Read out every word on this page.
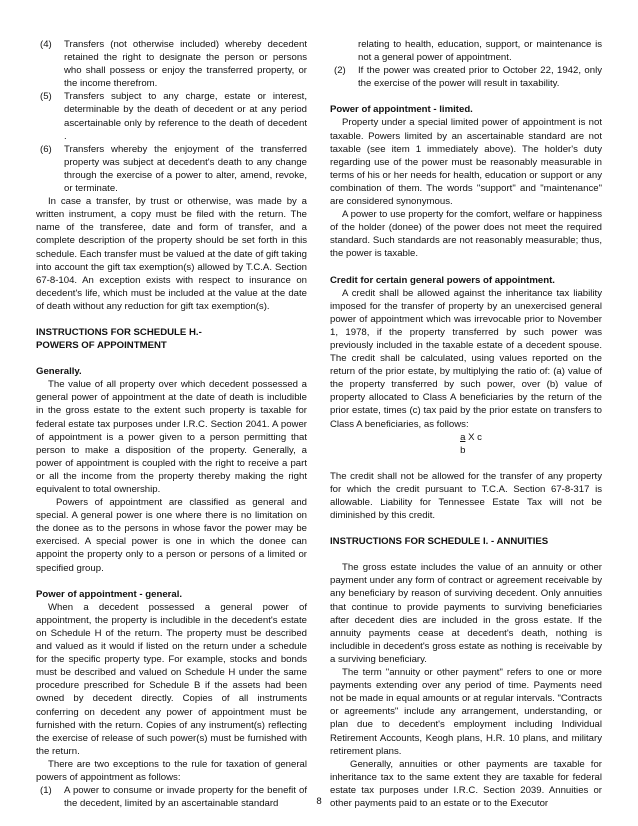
(4)	Transfers (not otherwise included) whereby decedent retained the right to designate the person or persons who shall possess or enjoy the transferred property, or the income therefrom.
(5)	Transfers subject to any charge, estate or interest, determinable by the death of decedent or at any period ascertainable only by reference to the death of decedent .
(6)	Transfers whereby the enjoyment of the transferred property was subject at decedent's death to any change through the exercise of a power to alter, amend, revoke, or terminate.

In case a transfer, by trust or otherwise, was made by a written instrument, a copy must be filed with the return. The name of the transferee, date and form of transfer, and a complete description of the property should be set forth in this schedule. Each transfer must be valued at the date of gift taking into account the gift tax exemption(s) allowed by T.C.A. Section 67-8-104. An exception exists with respect to insurance on decedent's life, which must be included at the value at the date of death without any reduction for gift tax exemption(s).

INSTRUCTIONS FOR SCHEDULE H.-

POWERS OF APPOINTMENT

Generally.

The value of all property over which decedent possessed a general power of appointment at the date of death is includible in the gross estate to the extent such property is taxable for federal estate tax purposes under I.R.C. Section 2041. A power of appointment is a power given to a person permitting that person to make a disposition of the property. Generally, a power of appointment is coupled with the right to receive a part or all the income from the property thereby making the right equivalent to total ownership.

Powers of appointment are classified as general and special. A general power is one where there is no limitation on the donee as to the persons in whose favor the power may be exercised. A special power is one in which the donee can appoint the property only to a person or persons of a limited or specified group.

Power of appointment - general.

When a decedent possessed a general power of appointment, the property is includible in the decedent's estate on Schedule H of the return. The property must be described and valued as it would if listed on the return under a schedule for the specific property type. For example, stocks and bonds must be described and valued on Schedule H under the same procedure prescribed for Schedule B if the assets had been owned by decedent directly. Copies of all instruments conferring on decedent any power of appointment must be furnished with the return. Copies of any instrument(s) reflecting the exercise of release of such power(s) must be furnished with the return.

There are two exceptions to the rule for taxation of general powers of appointment as follows:

(1)	A power to consume or invade property for the benefit of the decedent, limited by an ascertainable standard

relating to health, education, support, or maintenance is not a general power of appointment.

(2)	If the power was created prior to October 22, 1942, only the exercise of the power will result in taxability.

Power of appointment - limited.

Property under a special limited power of appointment is not taxable. Powers limited by an ascertainable standard are not taxable (see item 1 immediately above). The holder's duty regarding use of the power must be reasonably measurable in terms of his or her needs for health, education or support or any combination of them. The words "support" and "maintenance" are considered synonymous.

A power to use property for the comfort, welfare or happiness of the holder (donee) of the power does not meet the required standard. Such standards are not reasonably measurable; thus, the power is taxable.

Credit for certain general powers of appointment.

A credit shall be allowed against the inheritance tax liability imposed for the transfer of property by an unexercised general power of appointment which was irrevocable prior to November 1, 1978, if the property transferred by such power was previously included in the taxable estate of a decedent spouse. The credit shall be calculated, using values reported on the return of the prior estate, by multiplying the ratio of: (a) value of the property transferred by such power, over (b) value of property allocated to Class A beneficiaries by the return of the prior estate, times (c) tax paid by the prior estate on transfers to Class A beneficiaries, as follows:

a X c
b

The credit shall not be allowed for the transfer of any property for which the credit pursuant to T.C.A. Section 67-8-317 is allowable. Liability for Tennessee Estate Tax will not be diminished by this credit.

INSTRUCTIONS FOR SCHEDULE I. - ANNUITIES

The gross estate includes the value of an annuity or other payment under any form of contract or agreement receivable by any beneficiary by reason of surviving decedent. Only annuities that continue to provide payments to surviving beneficiaries after decedent dies are included in the gross estate. If the annuity payments cease at decedent's death, nothing is includible in decedent's gross estate as nothing is receivable by a surviving beneficiary.

The term "annuity or other payment" refers to one or more payments extending over any period of time. Payments need not be made in equal amounts or at regular intervals. "Contracts or agreements" include any arrangement, understanding, or plan due to decedent's employment including Individual Retirement Accounts, Keogh plans, H.R. 10 plans, and military retirement plans.

Generally, annuities or other payments are taxable for inheritance tax to the same extent they are taxable for federal estate tax purposes under I.R.C. Section 2039. Annuities or other payments paid to an estate or to the Executor

8
